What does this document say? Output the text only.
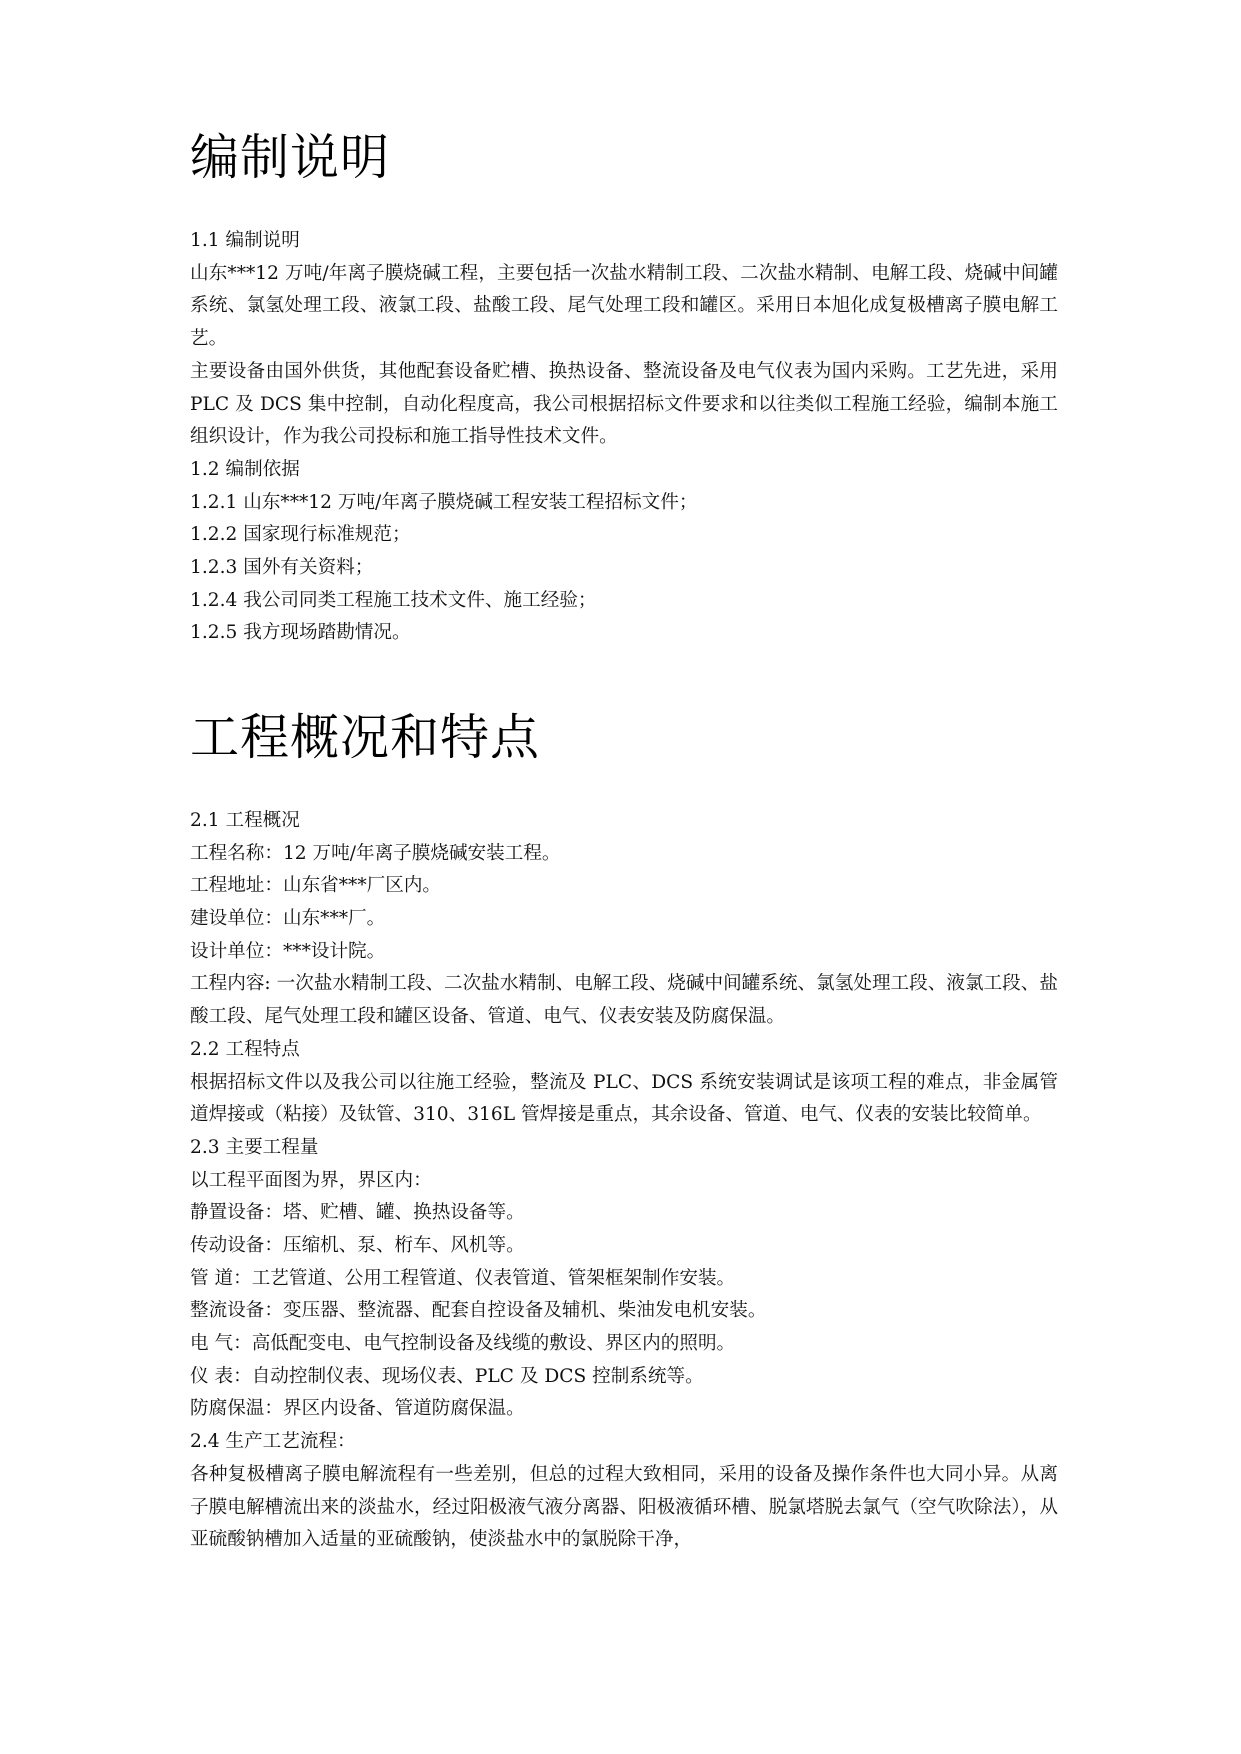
编制说明
1.1 编制说明

山东***12 万吨/年离子膜烧碱工程，主要包括一次盐水精制工段、二次盐水精制、电解工段、烧碱中间罐系统、氯氢处理工段、液氯工段、盐酸工段、尾气处理工段和罐区。采用日本旭化成复极槽离子膜电解工艺。

主要设备由国外供货，其他配套设备贮槽、换热设备、整流设备及电气仪表为国内采购。工艺先进，采用 PLC 及 DCS 集中控制，自动化程度高，我公司根据招标文件要求和以往类似工程施工经验，编制本施工组织设计，作为我公司投标和施工指导性技术文件。

1.2 编制依据
1.2.1 山东***12 万吨/年离子膜烧碱工程安装工程招标文件；
1.2.2 国家现行标准规范；
1.2.3 国外有关资料；
1.2.4 我公司同类工程施工技术文件、施工经验；
1.2.5 我方现场踏勘情况。
工程概况和特点
2.1 工程概况
工程名称：12 万吨/年离子膜烧碱安装工程。
工程地址：山东省***厂区内。
建设单位：山东***厂。
设计单位：***设计院。

工程内容: 一次盐水精制工段、二次盐水精制、电解工段、烧碱中间罐系统、氯氢处理工段、液氯工段、盐酸工段、尾气处理工段和罐区设备、管道、电气、仪表安装及防腐保温。

2.2 工程特点

根据招标文件以及我公司以往施工经验，整流及 PLC、DCS 系统安装调试是该项工程的难点，非金属管道焊接或（粘接）及钛管、310、316L 管焊接是重点，其余设备、管道、电气、仪表的安装比较简单。

2.3 主要工程量
以工程平面图为界，界区内：
静置设备：塔、贮槽、罐、换热设备等。
传动设备：压缩机、泵、桁车、风机等。
管 道：工艺管道、公用工程管道、仪表管道、管架框架制作安装。
整流设备：变压器、整流器、配套自控设备及辅机、柴油发电机安装。
电 气：高低配变电、电气控制设备及线缆的敷设、界区内的照明。
仪 表：自动控制仪表、现场仪表、PLC 及 DCS 控制系统等。
防腐保温：界区内设备、管道防腐保温。
2.4 生产工艺流程：

各种复极槽离子膜电解流程有一些差别，但总的过程大致相同，采用的设备及操作条件也大同小异。从离子膜电解槽流出来的淡盐水，经过阳极液气液分离器、阳极液循环槽、脱氯塔脱去氯气（空气吹除法），从亚硫酸钠槽加入适量的亚硫酸钠，使淡盐水中的氯脱除干净，
